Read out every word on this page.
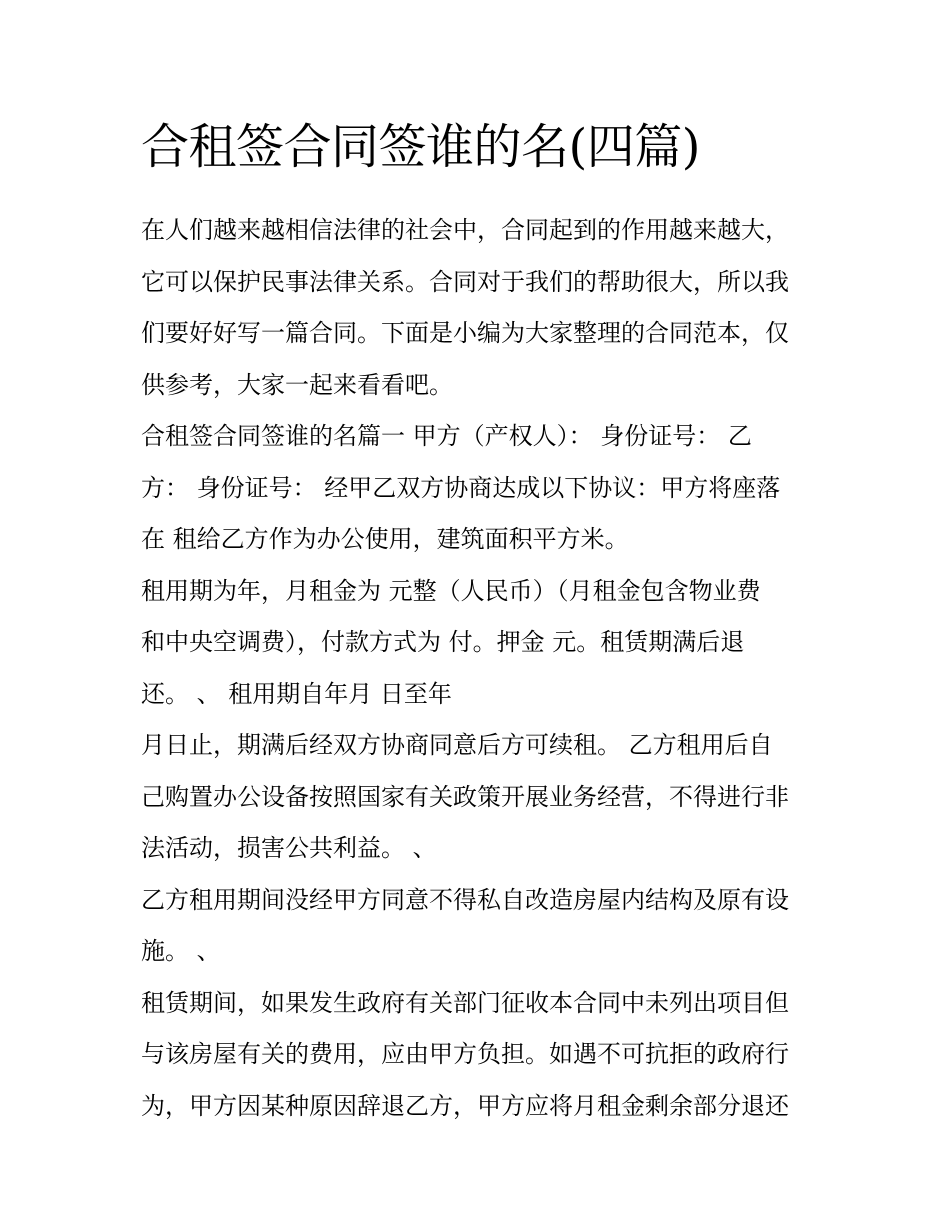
合租签合同签谁的名(四篇)

在人们越来越相信法律的社会中，合同起到的作用越来越大，
它可以保护民事法律关系。合同对于我们的帮助很大，所以我
们要好好写一篇合同。下面是小编为大家整理的合同范本，仅
供参考，大家一起来看看吧。

合租签合同签谁的名篇一 甲方（产权人）： 身份证号： 乙
方： 身份证号： 经甲乙双方协商达成以下协议：甲方将座落
在 租给乙方作为办公使用，建筑面积平方米。

租用期为年，月租金为 元整（人民币）（月租金包含物业费
和中央空调费），付款方式为 付。押金 元。租赁期满后退
还。 、 租用期自年月 日至年

月日止，期满后经双方协商同意后方可续租。 乙方租用后自
己购置办公设备按照国家有关政策开展业务经营，不得进行非
法活动，损害公共利益。 、

乙方租用期间没经甲方同意不得私自改造房屋内结构及原有设
施。 、

租赁期间，如果发生政府有关部门征收本合同中未列出项目但
与该房屋有关的费用，应由甲方负担。如遇不可抗拒的政府行
为，甲方因某种原因辞退乙方，甲方应将月租金剩余部分退还
